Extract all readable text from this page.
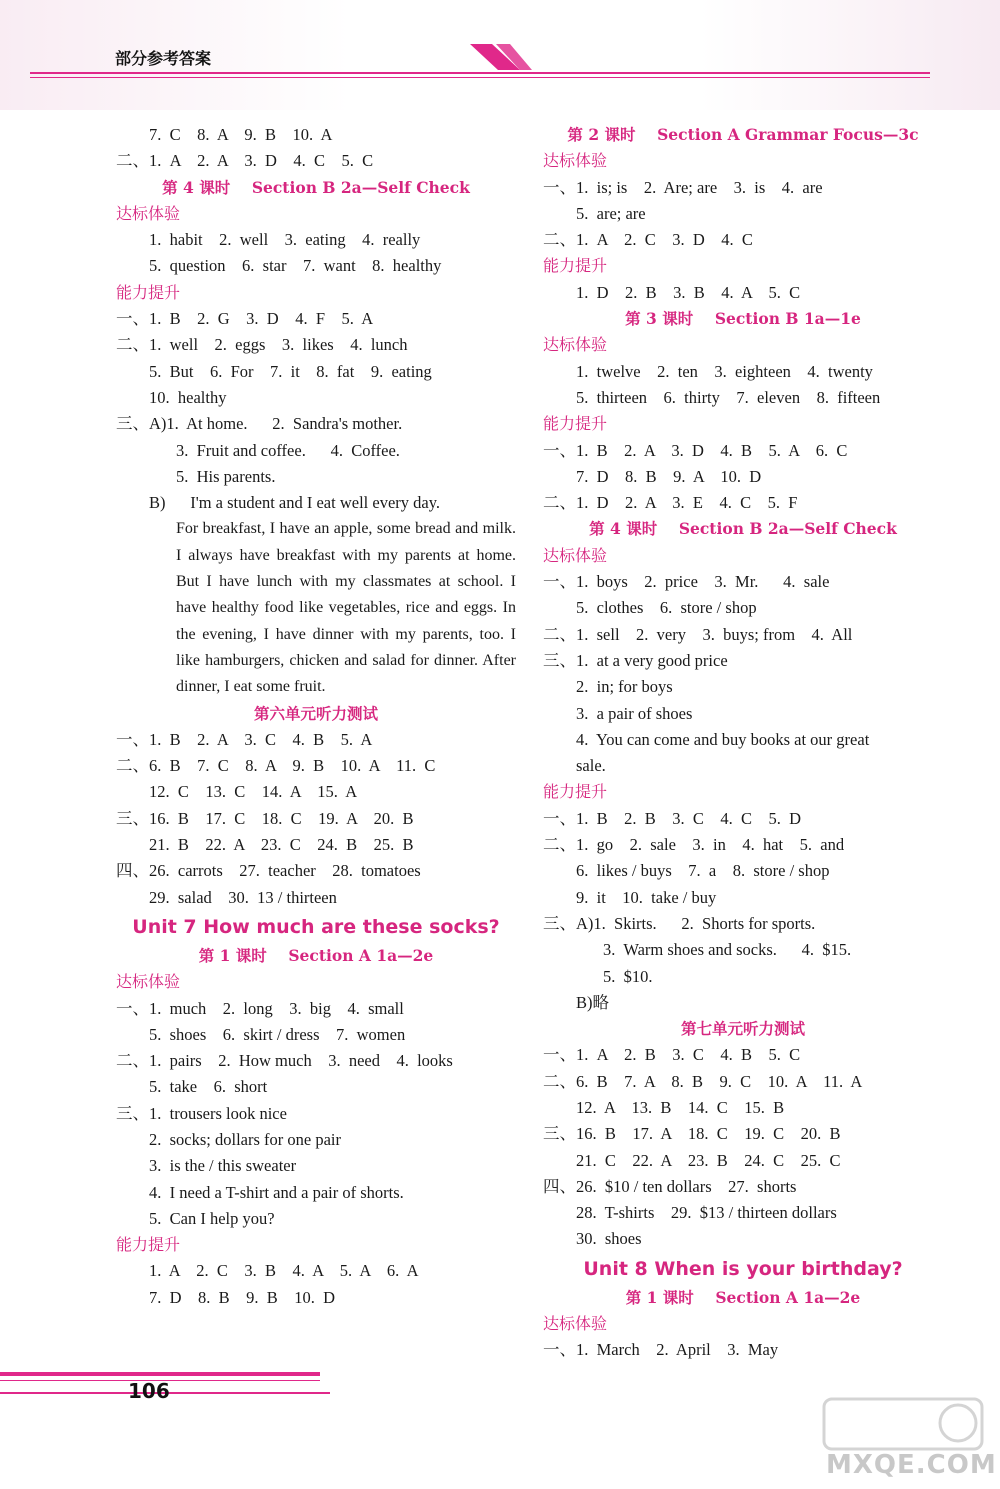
部分参考答案
7.  C    8.  A    9.  B    10.  A
二、1.  A    2.  A    3.  D    4.  C    5.  C
第 4 课时    Section B 2a—Self Check
达标体验
1.  habit    2.  well    3.  eating    4.  really
5.  question    6.  star    7.  want    8.  healthy
能力提升
一、1.  B    2.  G    3.  D    4.  F    5.  A
二、1.  well    2.  eggs    3.  likes    4.  lunch
5.  But    6.  For    7.  it    8.  fat    9.  eating
10.  healthy
三、A)1.  At home.      2.  Sandra's mother.
3.  Fruit and coffee.      4.  Coffee.
5.  His parents.
B)      I'm a student and I eat well every day.
For breakfast, I have an apple, some bread and milk. I always have breakfast with my parents at home. But I have lunch with my classmates at school. I have healthy food like vegetables, rice and eggs. In the evening, I have dinner with my parents, too. I like hamburgers, chicken and salad for dinner. After dinner, I eat some fruit.
第六单元听力测试
一、1.  B    2.  A    3.  C    4.  B    5.  A
二、6.  B    7.  C    8.  A    9.  B    10.  A    11.  C
12.  C    13.  C    14.  A    15.  A
三、16.  B    17.  C    18.  C    19.  A    20.  B
21.  B    22.  A    23.  C    24.  B    25.  B
四、26.  carrots    27.  teacher    28.  tomatoes
29.  salad    30.  13 / thirteen
Unit 7 How much are these socks?
第 1 课时    Section A 1a—2e
达标体验
一、1.  much    2.  long    3.  big    4.  small
5.  shoes    6.  skirt / dress    7.  women
二、1.  pairs    2.  How much    3.  need    4.  looks
5.  take    6.  short
三、1.  trousers look nice
2.  socks; dollars for one pair
3.  is the / this sweater
4.  I need a T-shirt and a pair of shorts.
5.  Can I help you?
能力提升
1.  A    2.  C    3.  B    4.  A    5.  A    6.  A
7.  D    8.  B    9.  B    10.  D
第 2 课时    Section A Grammar Focus—3c
达标体验
一、1.  is; is    2.  Are; are    3.  is    4.  are
5.  are; are
二、1.  A    2.  C    3.  D    4.  C
能力提升
1.  D    2.  B    3.  B    4.  A    5.  C
第 3 课时    Section B 1a—1e
达标体验
1.  twelve    2.  ten    3.  eighteen    4.  twenty
5.  thirteen    6.  thirty    7.  eleven    8.  fifteen
能力提升
一、1.  B    2.  A    3.  D    4.  B    5.  A    6.  C
7.  D    8.  B    9.  A    10.  D
二、1.  D    2.  A    3.  E    4.  C    5.  F
第 4 课时    Section B 2a—Self Check
达标体验
一、1.  boys    2.  price    3.  Mr.      4.  sale
5.  clothes    6.  store / shop
二、1.  sell    2.  very    3.  buys; from    4.  All
三、1.  at a very good price
2.  in; for boys
3.  a pair of shoes
4.  You can come and buy books at our great
sale.
能力提升
一、1.  B    2.  B    3.  C    4.  C    5.  D
二、1.  go    2.  sale    3.  in    4.  hat    5.  and
6.  likes / buys    7.  a    8.  store / shop
9.  it    10.  take / buy
三、A)1.  Skirts.      2.  Shorts for sports.
3.  Warm shoes and socks.      4.  $15.
5.  $10.
B)略
第七单元听力测试
一、1.  A    2.  B    3.  C    4.  B    5.  C
二、6.  B    7.  A    8.  B    9.  C    10.  A    11.  A
12.  A    13.  B    14.  C    15.  B
三、16.  B    17.  A    18.  C    19.  C    20.  B
21.  C    22.  A    23.  B    24.  C    25.  C
四、26.  $10 / ten dollars    27.  shorts
28.  T-shirts    29.  $13 / thirteen dollars
30.  shoes
Unit 8 When is your birthday?
第 1 课时    Section A 1a—2e
达标体验
一、1.  March    2.  April    3.  May
106
MXQE.COM
